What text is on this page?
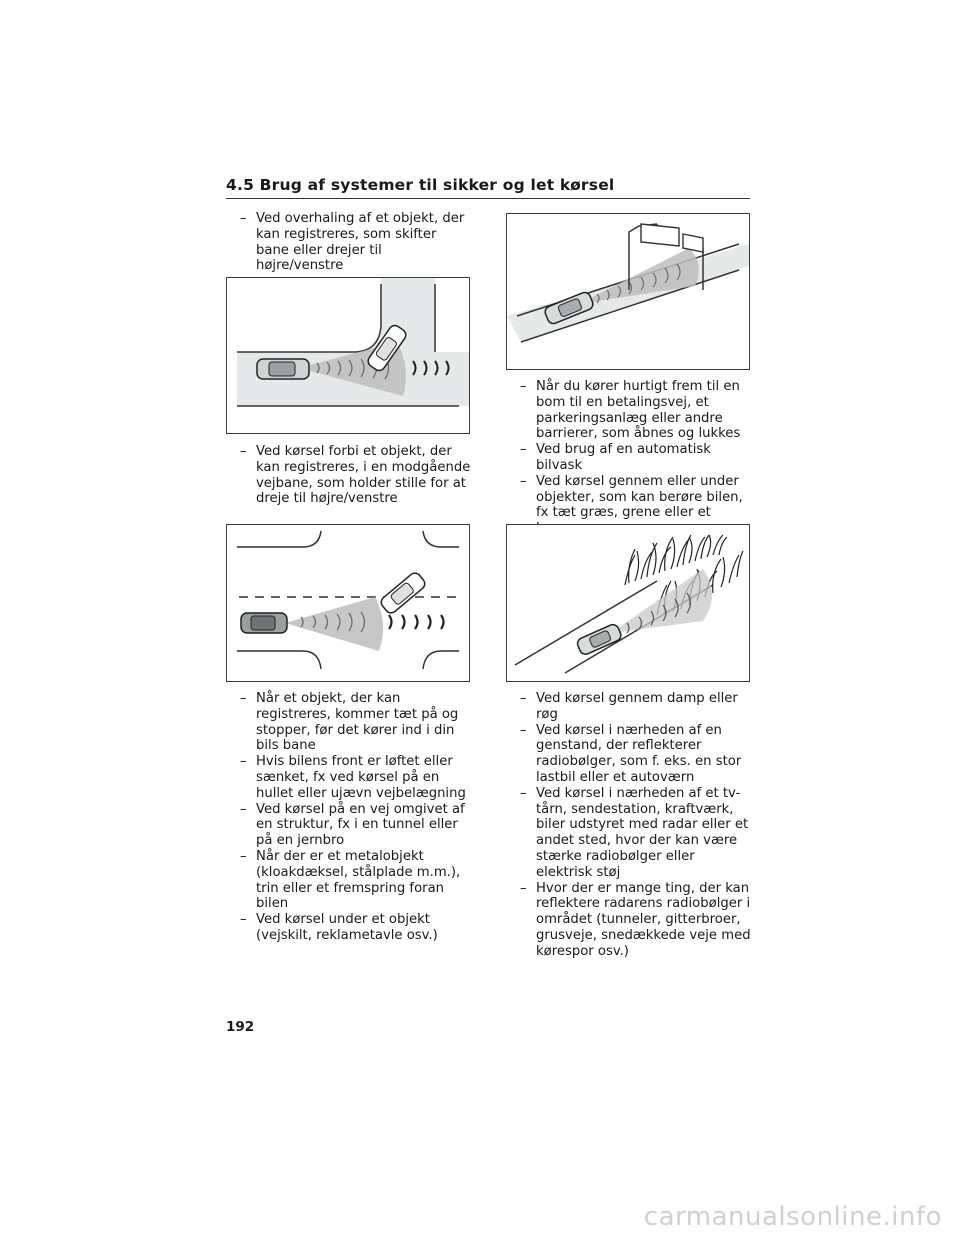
4.5 Brug af systemer til sikker og let kørsel

– Ved overhaling af et objekt, der kan registreres, som skifter bane eller drejer til højre/venstre

– Ved kørsel forbi et objekt, der kan registreres, i en modgående vejbane, som holder stille for at dreje til højre/venstre

– Når et objekt, der kan registreres, kommer tæt på og stopper, før det kører ind i din bils bane

– Hvis bilens front er løftet eller sænket, fx ved kørsel på en hullet eller ujævn vejbelægning

– Ved kørsel på en vej omgivet af en struktur, fx i en tunnel eller på en jernbro

– Når der er et metalobjekt (kloakdæksel, stålplade m.m.), trin eller et fremspring foran bilen

– Ved kørsel under et objekt (vejskilt, reklametavle osv.)

– Når du kører hurtigt frem til en bom til en betalingsvej, et parkeringsanlæg eller andre barrierer, som åbnes og lukkes

– Ved brug af en automatisk bilvask

– Ved kørsel gennem eller under objekter, som kan berøre bilen, fx tæt græs, grene eller et

– Ved kørsel gennem damp eller røg

– Ved kørsel i nærheden af en genstand, der reflekterer radiobølger, som f. eks. en stor lastbil eller et autoværn

– Ved kørsel i nærheden af et tv-tårn, sendestation, kraftværk, biler udstyret med radar eller et andet sted, hvor der kan være stærke radiobølger eller elektrisk støj

– Hvor der er mange ting, der kan reflektere radarens radiobølger i området (tunneler, gitterbroer, grusveje, snedækkede veje med kørespor osv.)

192
carmanualsonline.info
